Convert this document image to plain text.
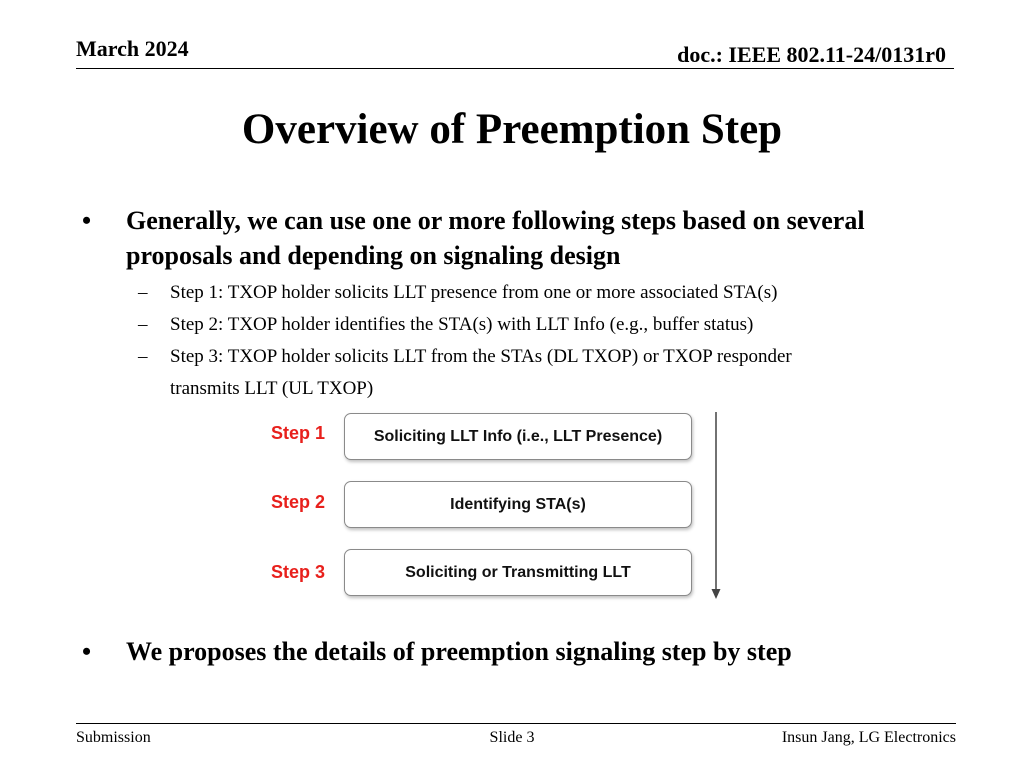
March 2024	doc.: IEEE 802.11-24/0131r0
Overview of Preemption Step
• Generally, we can use one or more following steps based on several proposals and depending on signaling design
– Step 1: TXOP holder solicits LLT presence from one or more associated STA(s)
– Step 2: TXOP holder identifies the STA(s) with LLT Info (e.g., buffer status)
– Step 3: TXOP holder solicits LLT from the STAs (DL TXOP) or TXOP responder
transmits LLT (UL TXOP)
Step 1	Soliciting LLT Info (i.e., LLT Presence)
Step 2	Identifying STA(s)
Step 3	Soliciting or Transmitting LLT
• We proposes the details of preemption signaling step by step
Submission	Slide 3	Insun Jang, LG Electronics
